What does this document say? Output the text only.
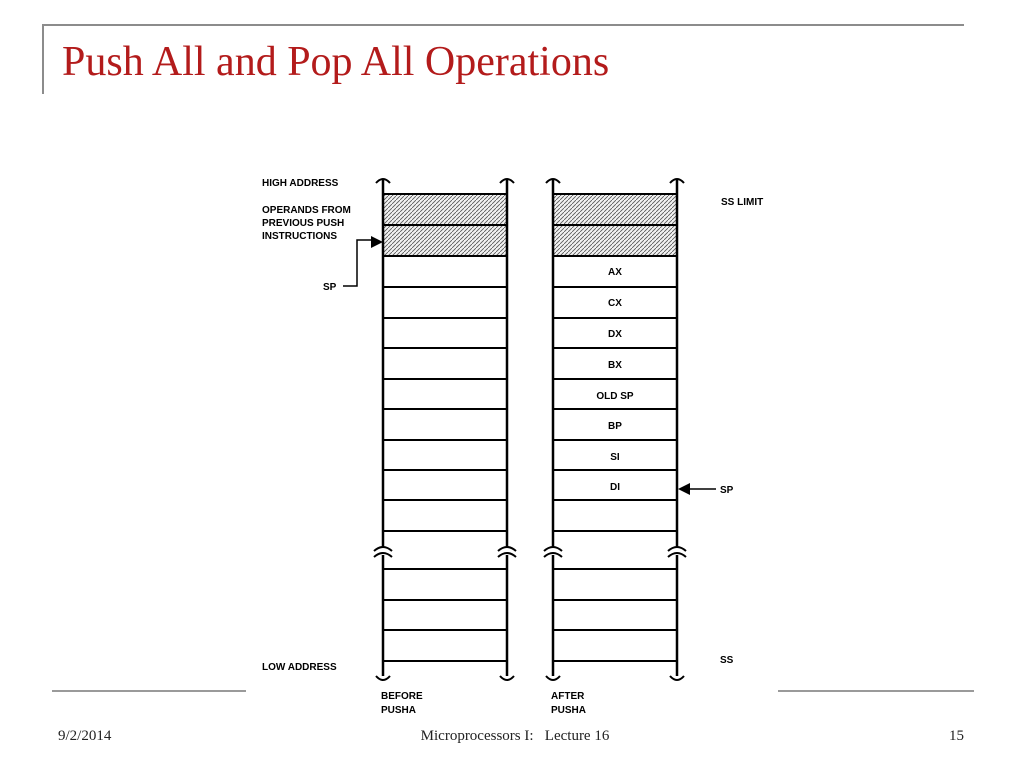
Push All and Pop All Operations
AX
CX
DX
BX
OLD SP
BP
SI
DI
HIGH ADDRESS
OPERANDS FROM
PREVIOUS PUSH
INSTRUCTIONS
SP
LOW ADDRESS
BEFORE
PUSHA
SS LIMIT
SP
SS
AFTER
PUSHA
9/2/2014	Microprocessors I:   Lecture 16	15
